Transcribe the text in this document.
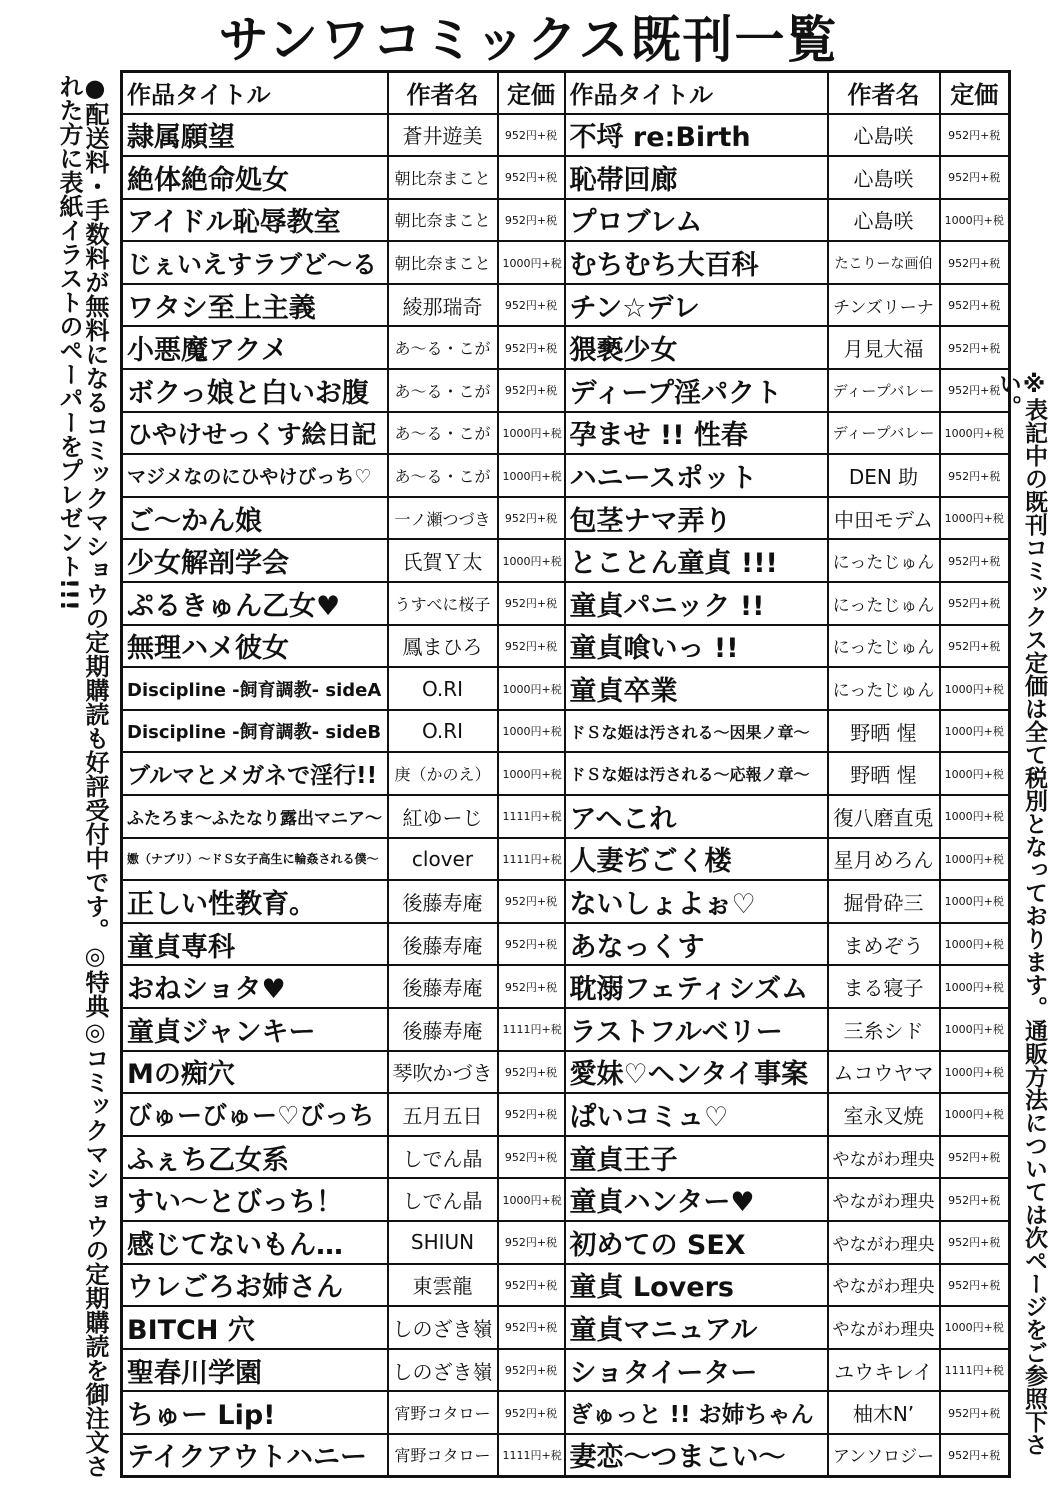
サンワコミックス既刊一覧
●配送料・手数料が無料になるコミックマショウの定期購読も好評受付中です。◎特典◎コミックマショウの定期購読を御注文された方に表紙イラストのペーパーをプレゼント!!!
※表記中の既刊コミックス定価は全て税別となっております。通販方法については次ページをご参照下さい。
作品タイトル	作者名	定価	作品タイトル	作者名	定価
隷属願望	蒼井遊美	952円+税	不埒 re:Birth	心島咲	952円+税
絶体絶命処女	朝比奈まこと	952円+税	恥帯回廊	心島咲	952円+税
アイドル恥辱教室	朝比奈まこと	952円+税	プロブレム	心島咲	1000円+税
じぇいえすラブど～る	朝比奈まこと	1000円+税	むちむち大百科	たこりーな画伯	952円+税
ワタシ至上主義	綾那瑞奇	952円+税	チン☆デレ	チンズリーナ	952円+税
小悪魔アクメ	あ～る・こが	952円+税	猥褻少女	月見大福	952円+税
ボクっ娘と白いお腹	あ～る・こが	952円+税	ディープ淫パクト	ディープバレー	952円+税
ひやけせっくす絵日記	あ～る・こが	1000円+税	孕ませ !! 性春	ディープバレー	1000円+税
マジメなのにひやけびっち♡	あ～る・こが	1000円+税	ハニースポット	DEN 助	952円+税
ご～かん娘	一ノ瀬つづき	952円+税	包茎ナマ弄り	中田モデム	1000円+税
少女解剖学会	氏賀Ｙ太	1000円+税	とことん童貞 !!!	にったじゅん	952円+税
ぷるきゅん乙女♥	うすべに桜子	952円+税	童貞パニック !!	にったじゅん	952円+税
無理ハメ彼女	鳳まひろ	952円+税	童貞喰いっ !!	にったじゅん	952円+税
Discipline -飼育調教- sideA	O.RI	1000円+税	童貞卒業	にったじゅん	1000円+税
Discipline -飼育調教- sideB	O.RI	1000円+税	ドＳな姫は汚される～因果ノ章～	野晒 惺	1000円+税
ブルマとメガネで淫行!!	庚（かのえ）	1000円+税	ドＳな姫は汚される～応報ノ章～	野晒 惺	1000円+税
ふたろま～ふたなり露出マニア～	紅ゆーじ	1111円+税	アヘこれ	復八磨直兎	1000円+税
嫐（ナブリ）～ドＳ女子高生に輪姦される僕～	clover	1111円+税	人妻ぢごく楼	星月めろん	1000円+税
正しい性教育。	後藤寿庵	952円+税	ないしょよぉ♡	掘骨砕三	1000円+税
童貞専科	後藤寿庵	952円+税	あなっくす	まめぞう	1000円+税
おねショタ♥	後藤寿庵	952円+税	耽溺フェティシズム	まる寝子	1000円+税
童貞ジャンキー	後藤寿庵	1111円+税	ラストフルベリー	三糸シド	1000円+税
Mの痴穴	琴吹かづき	952円+税	愛妹♡ヘンタイ事案	ムコウヤマ	1000円+税
びゅーびゅー♡びっち	五月五日	952円+税	ぱいコミュ♡	室永叉焼	1000円+税
ふぇち乙女系	しでん晶	952円+税	童貞王子	やながわ理央	952円+税
すい～とびっち！	しでん晶	1000円+税	童貞ハンター♥	やながわ理央	952円+税
感じてないもん…	SHIUN	952円+税	初めての SEX	やながわ理央	952円+税
ウレごろお姉さん	東雲龍	952円+税	童貞 Lovers	やながわ理央	952円+税
BITCH 穴	しのざき嶺	952円+税	童貞マニュアル	やながわ理央	1000円+税
聖春川学園	しのざき嶺	952円+税	ショタイーター	ユウキレイ	1111円+税
ちゅー Lip!	宵野コタロー	952円+税	ぎゅっと !! お姉ちゃん	柚木N’	952円+税
テイクアウトハニー	宵野コタロー	1111円+税	妻恋～つまこい～	アンソロジー	952円+税
